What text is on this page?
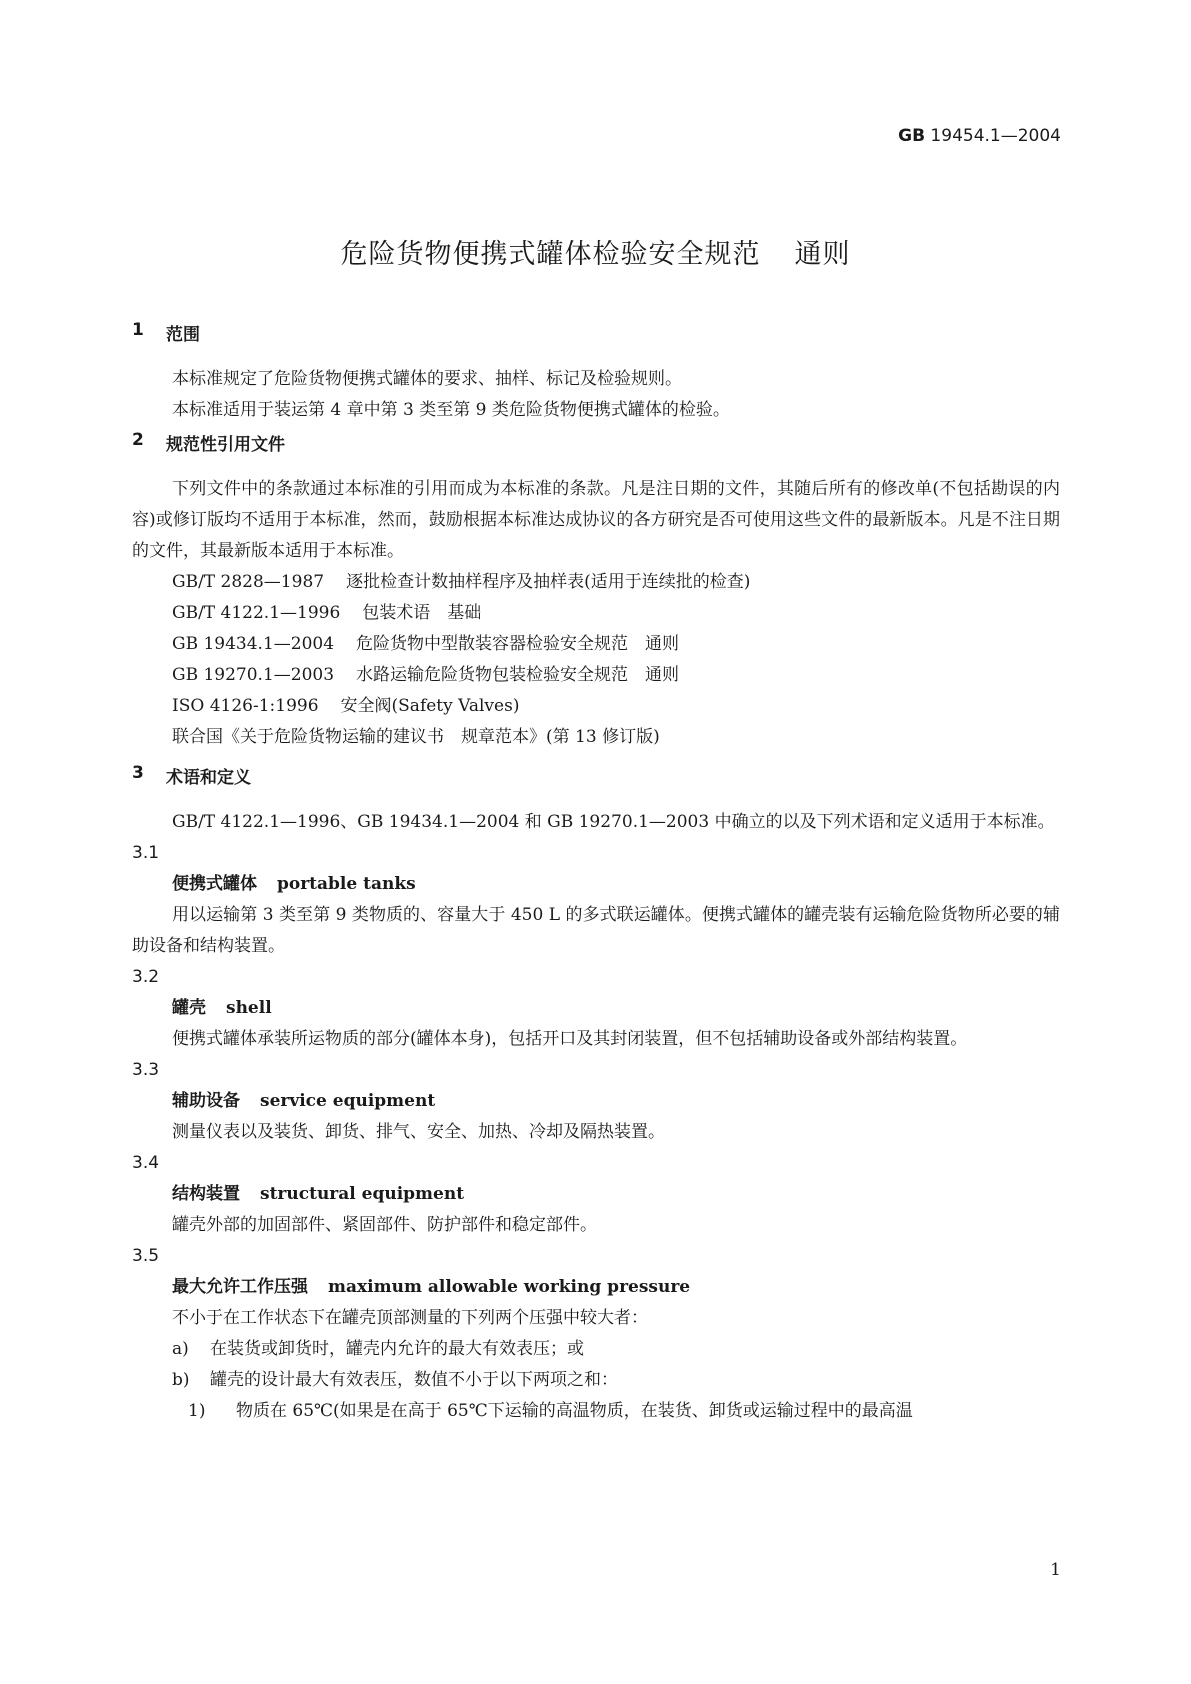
GB 19454.1—2004
危险货物便携式罐体检验安全规范 通则
1	范围

本标准规定了危险货物便携式罐体的要求、抽样、标记及检验规则。

本标准适用于装运第 4 章中第 3 类至第 9 类危险货物便携式罐体的检验。

2	规范性引用文件

下列文件中的条款通过本标准的引用而成为本标准的条款。凡是注日期的文件，其随后所有的修改单(不包括勘误的内容)或修订版均不适用于本标准，然而，鼓励根据本标准达成协议的各方研究是否可使用这些文件的最新版本。凡是不注日期的文件，其最新版本适用于本标准。

GB/T 2828—1987 逐批检查计数抽样程序及抽样表(适用于连续批的检查)
GB/T 4122.1—1996 包装术语　基础
GB 19434.1—2004 危险货物中型散装容器检验安全规范　通则
GB 19270.1—2003 水路运输危险货物包装检验安全规范　通则
ISO 4126-1:1996 安全阀(Safety Valves)
联合国《关于危险货物运输的建议书　规章范本》(第 13 修订版)
3	术语和定义

GB/T 4122.1—1996、GB 19434.1—2004 和 GB 19270.1—2003 中确立的以及下列术语和定义适用于本标准。

3.1
便携式罐体 portable tanks

用以运输第 3 类至第 9 类物质的、容量大于 450 L 的多式联运罐体。便携式罐体的罐壳装有运输危险货物所必要的辅助设备和结构装置。

3.2
罐壳 shell

便携式罐体承装所运物质的部分(罐体本身)，包括开口及其封闭装置，但不包括辅助设备或外部结构装置。

3.3
辅助设备 service equipment

测量仪表以及装货、卸货、排气、安全、加热、冷却及隔热装置。

3.4
结构装置 structural equipment

罐壳外部的加固部件、紧固部件、防护部件和稳定部件。

3.5
最大允许工作压强 maximum allowable working pressure

不小于在工作状态下在罐壳顶部测量的下列两个压强中较大者：

a) 在装货或卸货时，罐壳内允许的最大有效表压；或
b) 罐壳的设计最大有效表压，数值不小于以下两项之和：
1) 物质在 65℃(如果是在高于 65℃下运输的高温物质，在装货、卸货或运输过程中的最高温
1
